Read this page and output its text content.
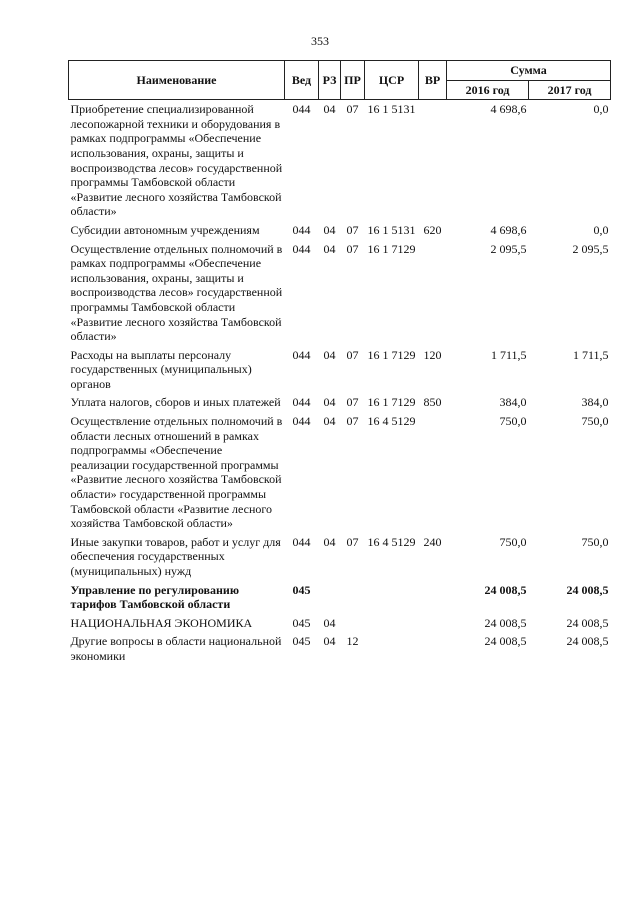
353
Наименование	Вед	РЗ	ПР	ЦСР	ВР	Сумма	
						2016 год	2017 год
Приобретение специализированной лесопожарной техники и оборудования в рамках подпрограммы «Обеспечение использования, охраны, защиты и воспроизводства лесов» государственной программы Тамбовской области «Развитие лесного хозяйства Тамбовской области»	044	04	07	16 1 5131		4 698,6	0,0
Субсидии автономным учреждениям	044	04	07	16 1 5131	620	4 698,6	0,0
Осуществление отдельных полномочий в рамках подпрограммы «Обеспечение использования, охраны, защиты и воспроизводства лесов» государственной программы Тамбовской области «Развитие лесного хозяйства Тамбовской области»	044	04	07	16 1 7129		2 095,5	2 095,5
Расходы на выплаты персоналу государственных (муниципальных) органов	044	04	07	16 1 7129	120	1 711,5	1 711,5
Уплата налогов, сборов и иных платежей	044	04	07	16 1 7129	850	384,0	384,0
Осуществление отдельных полномочий в области лесных отношений в рамках подпрограммы «Обеспечение реализации государственной программы «Развитие лесного хозяйства Тамбовской области» государственной программы Тамбовской области «Развитие лесного хозяйства Тамбовской области»	044	04	07	16 4 5129		750,0	750,0
Иные закупки товаров, работ и услуг для обеспечения государственных (муниципальных) нужд	044	04	07	16 4 5129	240	750,0	750,0
Управление по регулированию тарифов Тамбовской области	045					24 008,5	24 008,5
НАЦИОНАЛЬНАЯ ЭКОНОМИКА	045	04				24 008,5	24 008,5
Другие вопросы в области национальной экономики	045	04	12			24 008,5	24 008,5
